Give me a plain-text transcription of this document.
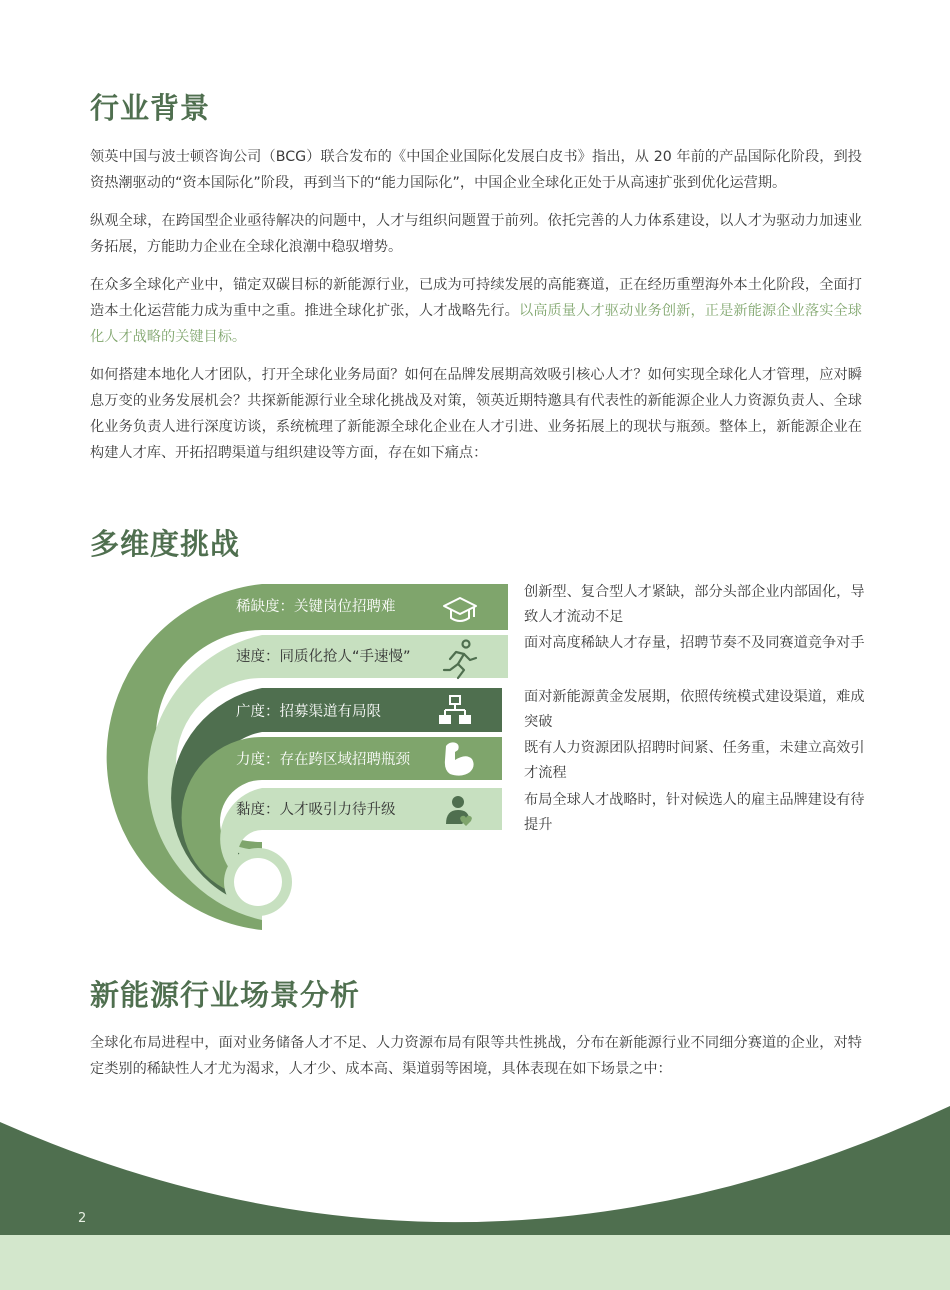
行业背景

领英中国与波士顿咨询公司（BCG）联合发布的《中国企业国际化发展白皮书》指出，从 20 年前的产品国际化阶段，到投资热潮驱动的“资本国际化”阶段，再到当下的“能力国际化”，中国企业全球化正处于从高速扩张到优化运营期。

纵观全球，在跨国型企业亟待解决的问题中，人才与组织问题置于前列。依托完善的人力体系建设，以人才为驱动力加速业务拓展，方能助力企业在全球化浪潮中稳驭增势。

在众多全球化产业中，锚定双碳目标的新能源行业，已成为可持续发展的高能赛道，正在经历重塑海外本土化阶段，全面打造本土化运营能力成为重中之重。推进全球化扩张，人才战略先行。以高质量人才驱动业务创新，正是新能源企业落实全球化人才战略的关键目标。

如何搭建本地化人才团队，打开全球化业务局面？如何在品牌发展期高效吸引核心人才？如何实现全球化人才管理，应对瞬息万变的业务发展机会？共探新能源行业全球化挑战及对策，领英近期特邀具有代表性的新能源企业人力资源负责人、全球化业务负责人进行深度访谈，系统梳理了新能源全球化企业在人才引进、业务拓展上的现状与瓶颈。整体上，新能源企业在构建人才库、开拓招聘渠道与组织建设等方面，存在如下痛点：

多维度挑战
稀缺度：关键岗位招聘难
速度：同质化抢人“手速慢”
广度：招募渠道有局限
力度：存在跨区域招聘瓶颈
黏度：人才吸引力待升级

创新型、复合型人才紧缺，部分头部企业内部固化，导致人才流动不足

面对高度稀缺人才存量，招聘节奏不及同赛道竞争对手

面对新能源黄金发展期，依照传统模式建设渠道，难成突破

既有人力资源团队招聘时间紧、任务重，未建立高效引才流程

布局全球人才战略时，针对候选人的雇主品牌建设有待提升

新能源行业场景分析

全球化布局进程中，面对业务储备人才不足、人力资源布局有限等共性挑战，分布在新能源行业不同细分赛道的企业，对特定类别的稀缺性人才尤为渴求，人才少、成本高、渠道弱等困境，具体表现在如下场景之中：

2
